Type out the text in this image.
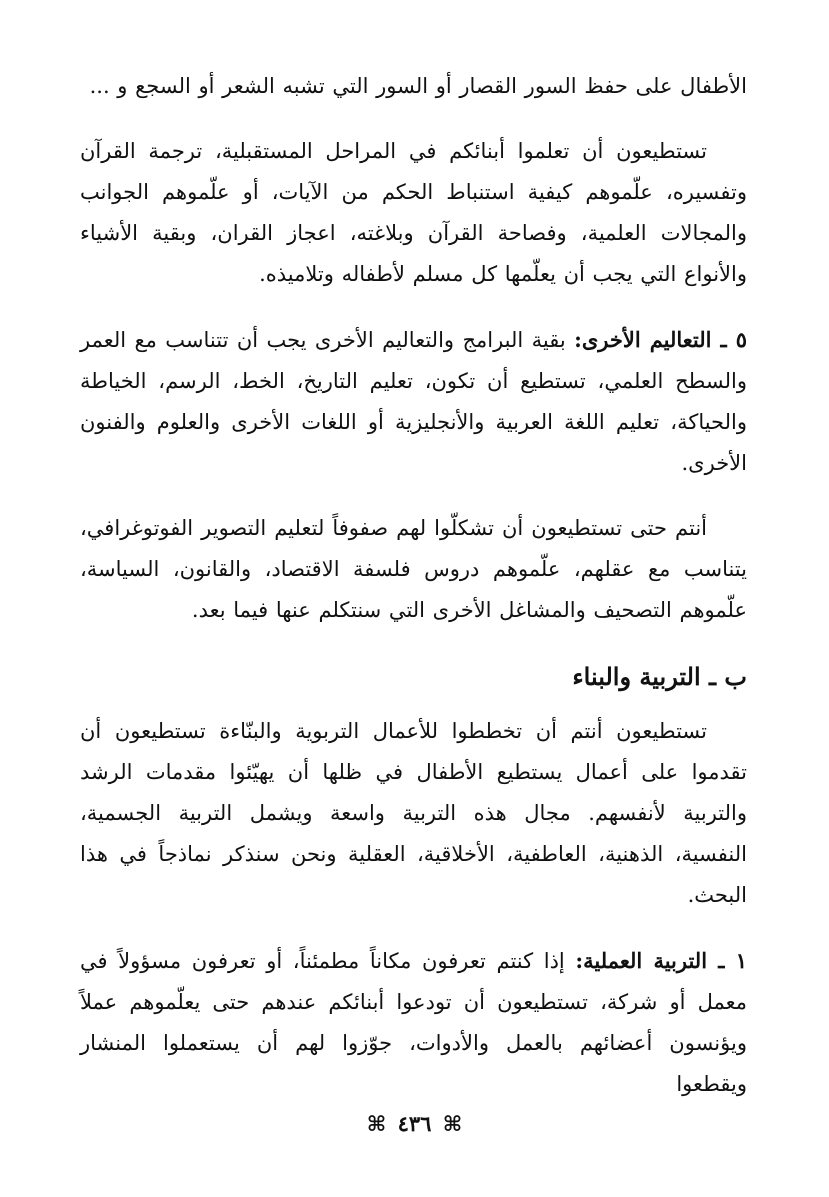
الأطفال على حفظ السور القصار أو السور التي تشبه الشعر أو السجع و ...

تستطيعون أن تعلموا أبنائكم في المراحل المستقبلية، ترجمة القرآن وتفسيره، علّموهم كيفية استنباط الحكم من الآيات، أو علّموهم الجوانب والمجالات العلمية، وفصاحة القرآن وبلاغته، اعجاز القران، وبقية الأشياء والأنواع التي يجب أن يعلّمها كل مسلم لأطفاله وتلاميذه.

٥ ـ التعاليم الأخرى: بقية البرامج والتعاليم الأخرى يجب أن تتناسب مع العمر والسطح العلمي، تستطيع أن تكون، تعليم التاريخ، الخط، الرسم، الخياطة والحياكة، تعليم اللغة العربية والأنجليزية أو اللغات الأخرى والعلوم والفنون الأخرى.

أنتم حتى تستطيعون أن تشكلّوا لهم صفوفاً لتعليم التصوير الفوتوغرافي، يتناسب مع عقلهم، علّموهم دروس فلسفة الاقتصاد، والقانون، السياسة، علّموهم التصحيف والمشاغل الأخرى التي سنتكلم عنها فيما بعد.

ب ـ التربية والبناء

تستطيعون أنتم أن تخططوا للأعمال التربوية والبنّاءة تستطيعون أن تقدموا على أعمال يستطيع الأطفال في ظلها أن يهيّئوا مقدمات الرشد والتربية لأنفسهم. مجال هذه التربية واسعة ويشمل التربية الجسمية، النفسية، الذهنية، العاطفية، الأخلاقية، العقلية ونحن سنذكر نماذجاً في هذا البحث.

١ ـ التربية العملية: إذا كنتم تعرفون مكاناً مطمئناً، أو تعرفون مسؤولاً في معمل أو شركة، تستطيعون أن تودعوا أبنائكم عندهم حتى يعلّموهم عملاً ويؤنسون أعضائهم بالعمل والأدوات، جوّزوا لهم أن يستعملوا المنشار ويقطعوا

⌘ ٤٣٦ ⌘
